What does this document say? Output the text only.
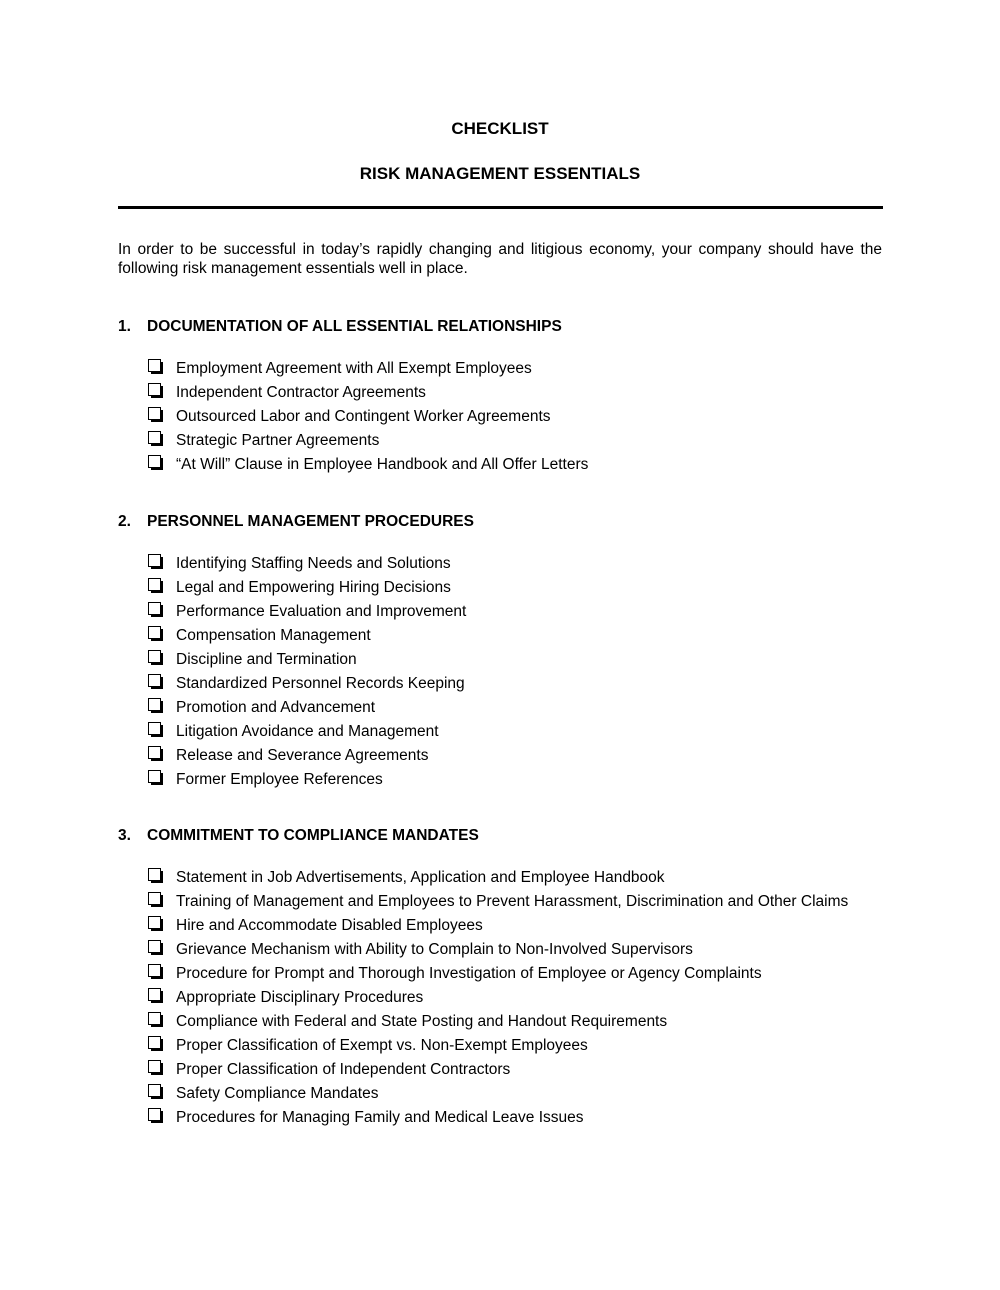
CHECKLIST
RISK MANAGEMENT ESSENTIALS
In order to be successful in today’s rapidly changing and litigious economy, your company should have the following risk management essentials well in place.
1.	DOCUMENTATION OF ALL ESSENTIAL RELATIONSHIPS
Employment Agreement with All Exempt Employees
Independent Contractor Agreements
Outsourced Labor and Contingent Worker Agreements
Strategic Partner Agreements
“At Will” Clause in Employee Handbook and All Offer Letters
2.	PERSONNEL MANAGEMENT PROCEDURES
Identifying Staffing Needs and Solutions
Legal and Empowering Hiring Decisions
Performance Evaluation and Improvement
Compensation Management
Discipline and Termination
Standardized Personnel Records Keeping
Promotion and Advancement
Litigation Avoidance and Management
Release and Severance Agreements
Former Employee References
3.	COMMITMENT TO COMPLIANCE MANDATES
Statement in Job Advertisements, Application and Employee Handbook
Training of Management and Employees to Prevent Harassment, Discrimination and Other Claims
Hire and Accommodate Disabled Employees
Grievance Mechanism with Ability to Complain to Non-Involved Supervisors
Procedure for Prompt and Thorough Investigation of Employee or Agency Complaints
Appropriate Disciplinary Procedures
Compliance with Federal and State Posting and Handout Requirements
Proper Classification of Exempt vs. Non-Exempt Employees
Proper Classification of Independent Contractors
Safety Compliance Mandates
Procedures for Managing Family and Medical Leave Issues
